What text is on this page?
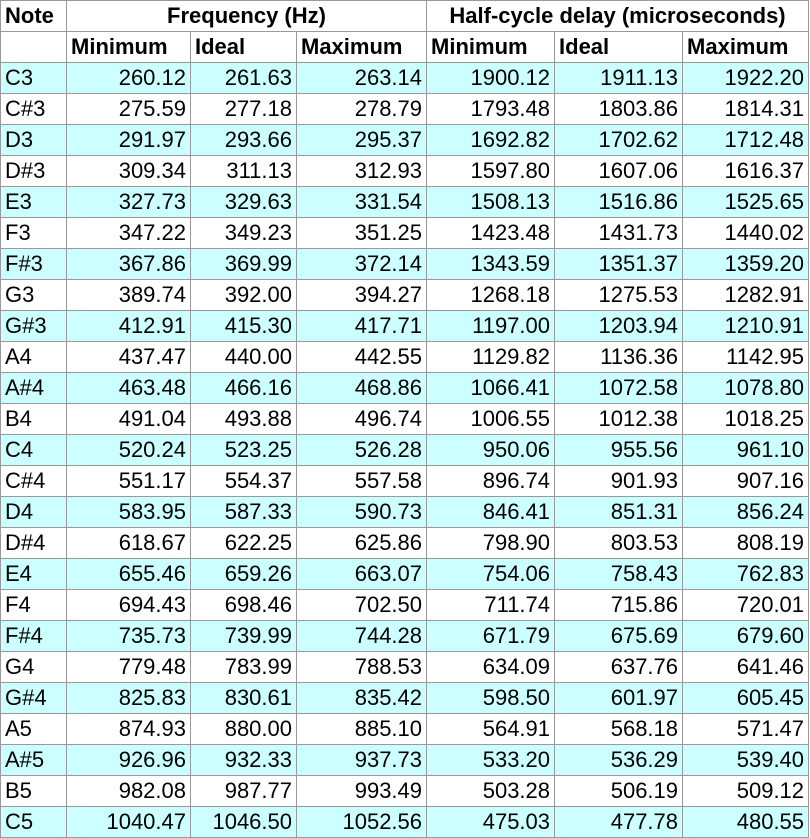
Note	Frequency (Hz)			Half-cycle delay (microseconds)		
	Minimum	Ideal	Maximum	Minimum	Ideal	Maximum
C3	260.12	261.63	263.14	1900.12	1911.13	1922.20
C#3	275.59	277.18	278.79	1793.48	1803.86	1814.31
D3	291.97	293.66	295.37	1692.82	1702.62	1712.48
D#3	309.34	311.13	312.93	1597.80	1607.06	1616.37
E3	327.73	329.63	331.54	1508.13	1516.86	1525.65
F3	347.22	349.23	351.25	1423.48	1431.73	1440.02
F#3	367.86	369.99	372.14	1343.59	1351.37	1359.20
G3	389.74	392.00	394.27	1268.18	1275.53	1282.91
G#3	412.91	415.30	417.71	1197.00	1203.94	1210.91
A4	437.47	440.00	442.55	1129.82	1136.36	1142.95
A#4	463.48	466.16	468.86	1066.41	1072.58	1078.80
B4	491.04	493.88	496.74	1006.55	1012.38	1018.25
C4	520.24	523.25	526.28	950.06	955.56	961.10
C#4	551.17	554.37	557.58	896.74	901.93	907.16
D4	583.95	587.33	590.73	846.41	851.31	856.24
D#4	618.67	622.25	625.86	798.90	803.53	808.19
E4	655.46	659.26	663.07	754.06	758.43	762.83
F4	694.43	698.46	702.50	711.74	715.86	720.01
F#4	735.73	739.99	744.28	671.79	675.69	679.60
G4	779.48	783.99	788.53	634.09	637.76	641.46
G#4	825.83	830.61	835.42	598.50	601.97	605.45
A5	874.93	880.00	885.10	564.91	568.18	571.47
A#5	926.96	932.33	937.73	533.20	536.29	539.40
B5	982.08	987.77	993.49	503.28	506.19	509.12
C5	1040.47	1046.50	1052.56	475.03	477.78	480.55
